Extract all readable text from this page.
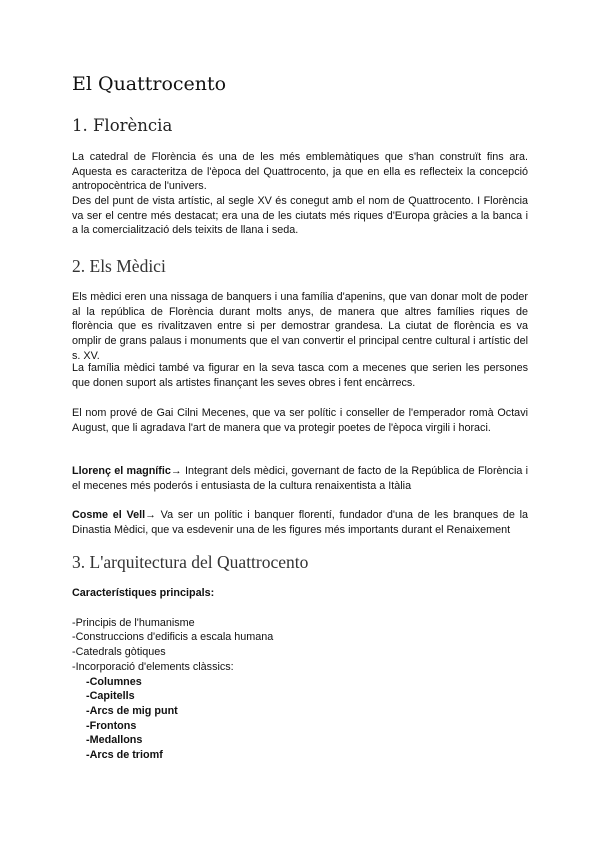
El Quattrocento
1. Florència

La catedral de Florència és una de les més emblemàtiques que s'han construït fins ara. Aquesta es caracteritza de l'època del Quattrocento, ja que en ella es reflecteix la concepció antropocèntrica de l'univers.

Des del punt de vista artístic, al segle XV és conegut amb el nom de Quattrocento. I Florència va ser el centre més destacat; era una de les ciutats més riques d'Europa gràcies a la banca i a la comercialització dels teixits de llana i seda.

2. Els Mèdici

Els mèdici eren una nissaga de banquers i una família d'apenins, que van donar molt de poder al la república de Florència durant molts anys, de manera que altres famílies riques de florència que es rivalitzaven entre si per demostrar grandesa. La ciutat de florència es va omplir de grans palaus i monuments que el van convertir el principal centre cultural i artístic del s. XV.

La família mèdici també va figurar en la seva tasca com a mecenes que serien les persones que donen suport als artistes finançant les seves obres i fent encàrrecs.

El nom prové de Gai Cilni Mecenes, que va ser polític i conseller de l'emperador romà Octavi August, que li agradava l'art de manera que va protegir poetes de l'època virgili i horaci.

Llorenç el magnífic→ Integrant dels mèdici, governant de facto de la República de Florència i el mecenes més poderós i entusiasta de la cultura renaixentista a Itàlia

Cosme el Vell→ Va ser un polític i banquer florentí, fundador d'una de les branques de la Dinastia Mèdici, que va esdevenir una de les figures més importants durant el Renaixement

3. L'arquitectura del Quattrocento
Característiques principals:
-Principis de l'humanisme
-Construccions d'edificis a escala humana
-Catedrals gòtiques
-Incorporació d'elements clàssics:
-Columnes
-Capitells
-Arcs de mig punt
-Frontons
-Medallons
-Arcs de triomf
